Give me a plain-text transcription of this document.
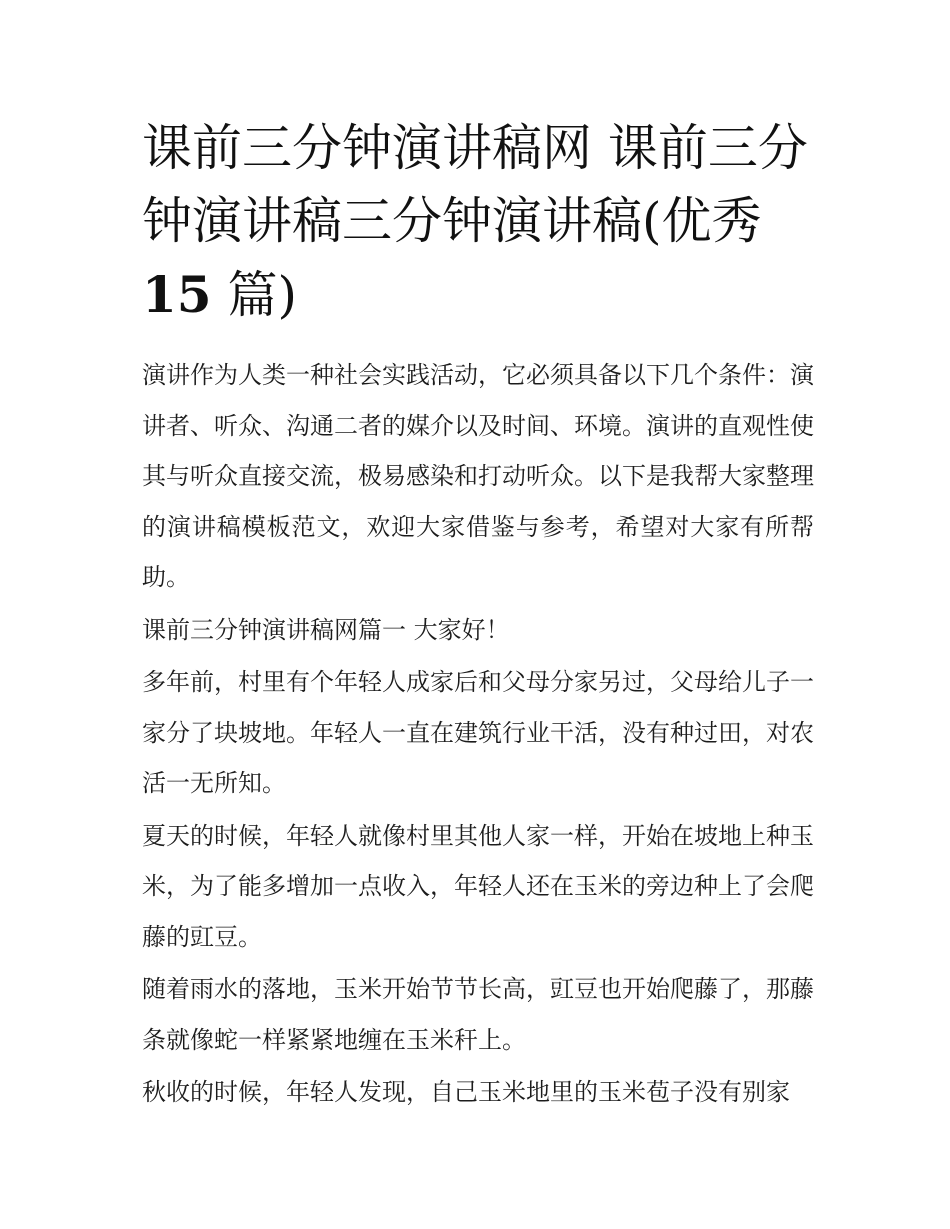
课前三分钟演讲稿网 课前三分
钟演讲稿三分钟演讲稿(优秀
15 篇)

演讲作为人类一种社会实践活动，它必须具备以下几个条件：演讲者、听众、沟通二者的媒介以及时间、环境。演讲的直观性使其与听众直接交流，极易感染和打动听众。以下是我帮大家整理的演讲稿模板范文，欢迎大家借鉴与参考，希望对大家有所帮助。

课前三分钟演讲稿网篇一 大家好！

多年前，村里有个年轻人成家后和父母分家另过，父母给儿子一家分了块坡地。年轻人一直在建筑行业干活，没有种过田，对农活一无所知。

夏天的时候，年轻人就像村里其他人家一样，开始在坡地上种玉米，为了能多增加一点收入，年轻人还在玉米的旁边种上了会爬藤的豇豆。

随着雨水的落地，玉米开始节节长高，豇豆也开始爬藤了，那藤条就像蛇一样紧紧地缠在玉米秆上。

秋收的时候，年轻人发现，自己玉米地里的玉米苞子没有别家
